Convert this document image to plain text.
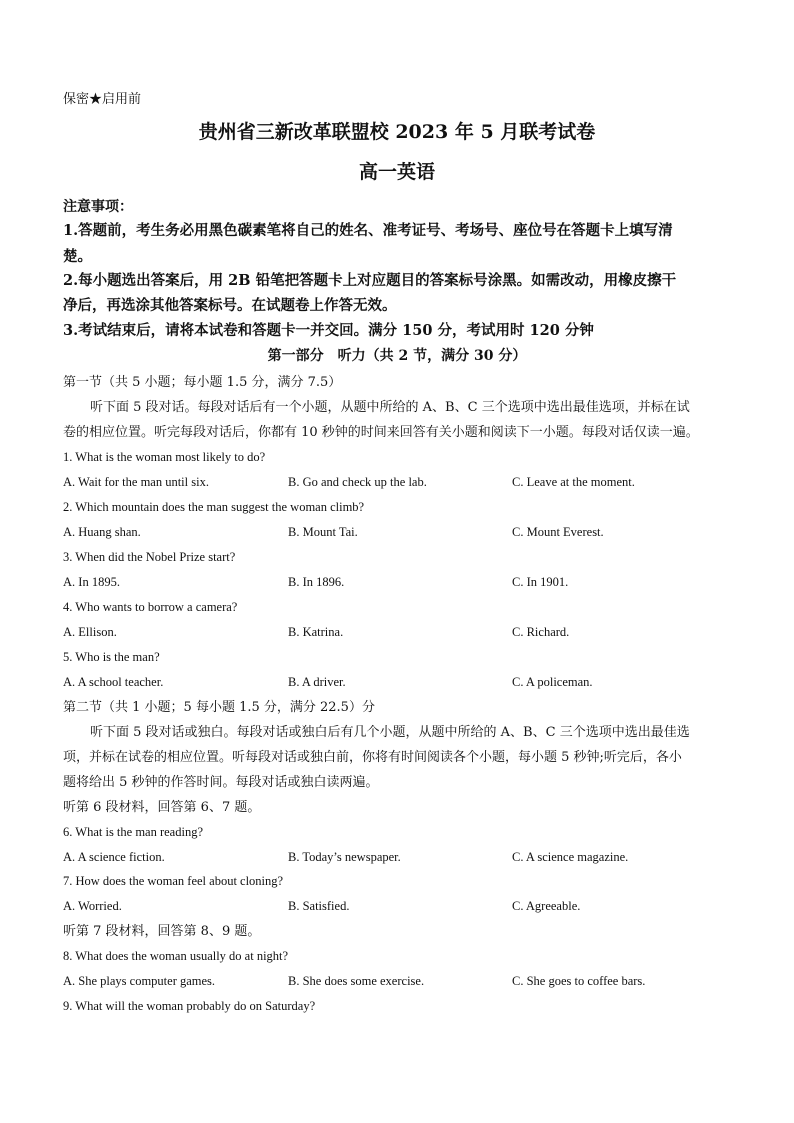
保密★启用前
贵州省三新改革联盟校 2023 年 5 月联考试卷
高一英语
注意事项：
1.答题前，考生务必用黑色碳素笔将自己的姓名、准考证号、考场号、座位号在答题卡上填写清
楚。
2.每小题选出答案后，用 2B 铅笔把答题卡上对应题目的答案标号涂黑。如需改动，用橡皮擦干
净后，再选涂其他答案标号。在试题卷上作答无效。
3.考试结束后，请将本试卷和答题卡一并交回。满分 150 分，考试用时 120 分钟
第一部分　听力（共 2 节，满分 30 分）
第一节（共 5 小题；每小题 1.5 分，满分 7.5）
听下面 5 段对话。每段对话后有一个小题，从题中所给的 A、B、C 三个选项中选出最佳选项，并标在试
卷的相应位置。听完每段对话后，你都有 10 秒钟的时间来回答有关小题和阅读下一小题。每段对话仅读一遍。
1. What is the woman most likely to do?
A. Wait for the man until six.	B. Go and check up the lab.	C. Leave at the moment.
2. Which mountain does the man suggest the woman climb?
A. Huang shan.	B. Mount Tai.	C. Mount Everest.
3. When did the Nobel Prize start?
A. In 1895.	B. In 1896.	C. In 1901.
4. Who wants to borrow a camera?
A. Ellison.	B. Katrina.	C. Richard.
5. Who is the man?
A. A school teacher.	B. A driver.	C. A policeman.
第二节（共 1 小题；5 每小题 1.5 分，满分 22.5）分
听下面 5 段对话或独白。每段对话或独白后有几个小题，从题中所给的 A、B、C 三个选项中选出最佳选
项，并标在试卷的相应位置。听每段对话或独白前，你将有时间阅读各个小题，每小题 5 秒钟;听完后，各小
题将给出 5 秒钟的作答时间。每段对话或独白读两遍。
听第 6 段材料，回答第 6、7 题。
6. What is the man reading?
A. A science fiction.	B. Today’s newspaper.	C. A science magazine.
7. How does the woman feel about cloning?
A. Worried.	B. Satisfied.	C. Agreeable.
听第 7 段材料，回答第 8、9 题。
8. What does the woman usually do at night?
A. She plays computer games.	B. She does some exercise.	C. She goes to coffee bars.
9. What will the woman probably do on Saturday?
